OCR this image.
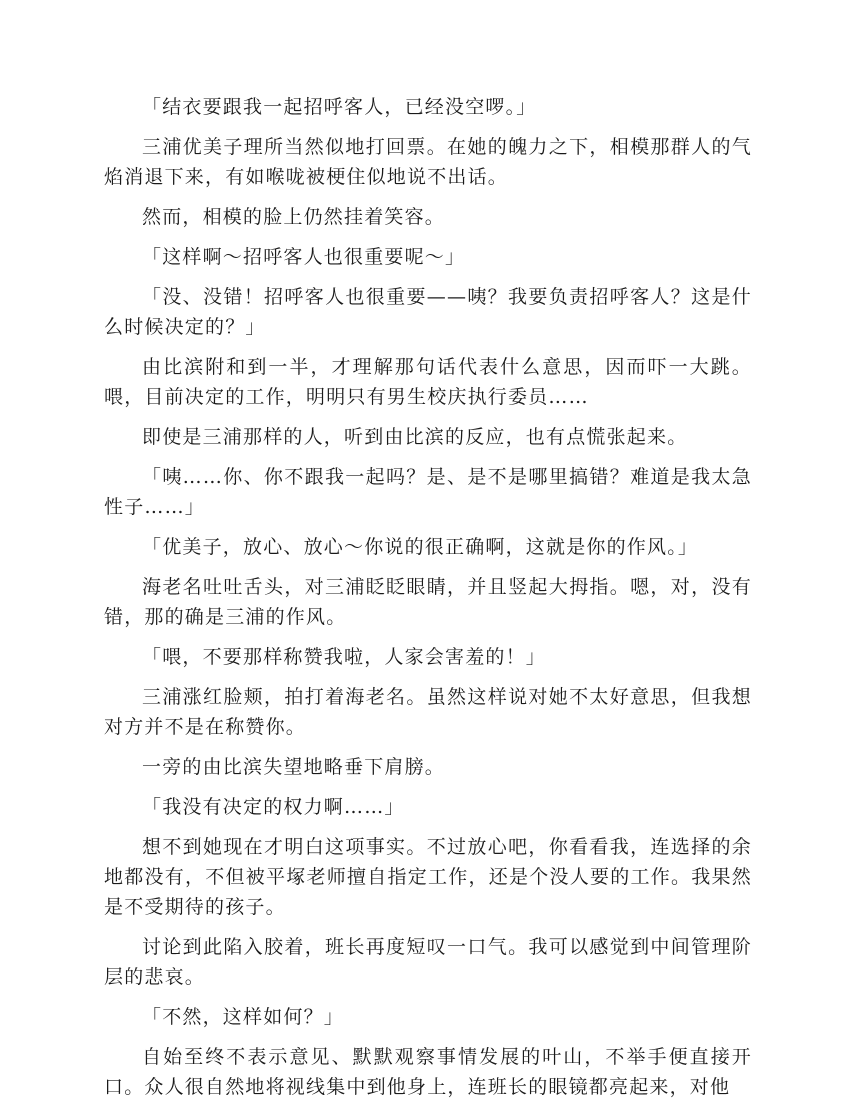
「结衣要跟我一起招呼客人，已经没空啰。」

三浦优美子理所当然似地打回票。在她的魄力之下，相模那群人的气焰消退下来，有如喉咙被梗住似地说不出话。

然而，相模的脸上仍然挂着笑容。

「这样啊～招呼客人也很重要呢～」

「没、没错！招呼客人也很重要——咦？我要负责招呼客人？这是什么时候决定的？」

由比滨附和到一半，才理解那句话代表什么意思，因而吓一大跳。喂，目前决定的工作，明明只有男生校庆执行委员……

即使是三浦那样的人，听到由比滨的反应，也有点慌张起来。

「咦……你、你不跟我一起吗？是、是不是哪里搞错？难道是我太急性子……」

「优美子，放心、放心～你说的很正确啊，这就是你的作风。」

海老名吐吐舌头，对三浦眨眨眼睛，并且竖起大拇指。嗯，对，没有错，那的确是三浦的作风。

「喂，不要那样称赞我啦，人家会害羞的！」

三浦涨红脸颊，拍打着海老名。虽然这样说对她不太好意思，但我想对方并不是在称赞你。

一旁的由比滨失望地略垂下肩膀。

「我没有决定的权力啊……」

想不到她现在才明白这项事实。不过放心吧，你看看我，连选择的余地都没有，不但被平塚老师擅自指定工作，还是个没人要的工作。我果然是不受期待的孩子。

讨论到此陷入胶着，班长再度短叹一口气。我可以感觉到中间管理阶层的悲哀。

「不然，这样如何？」

自始至终不表示意见、默默观察事情发展的叶山，不举手便直接开口。众人很自然地将视线集中到他身上，连班长的眼镜都亮起来，对他
